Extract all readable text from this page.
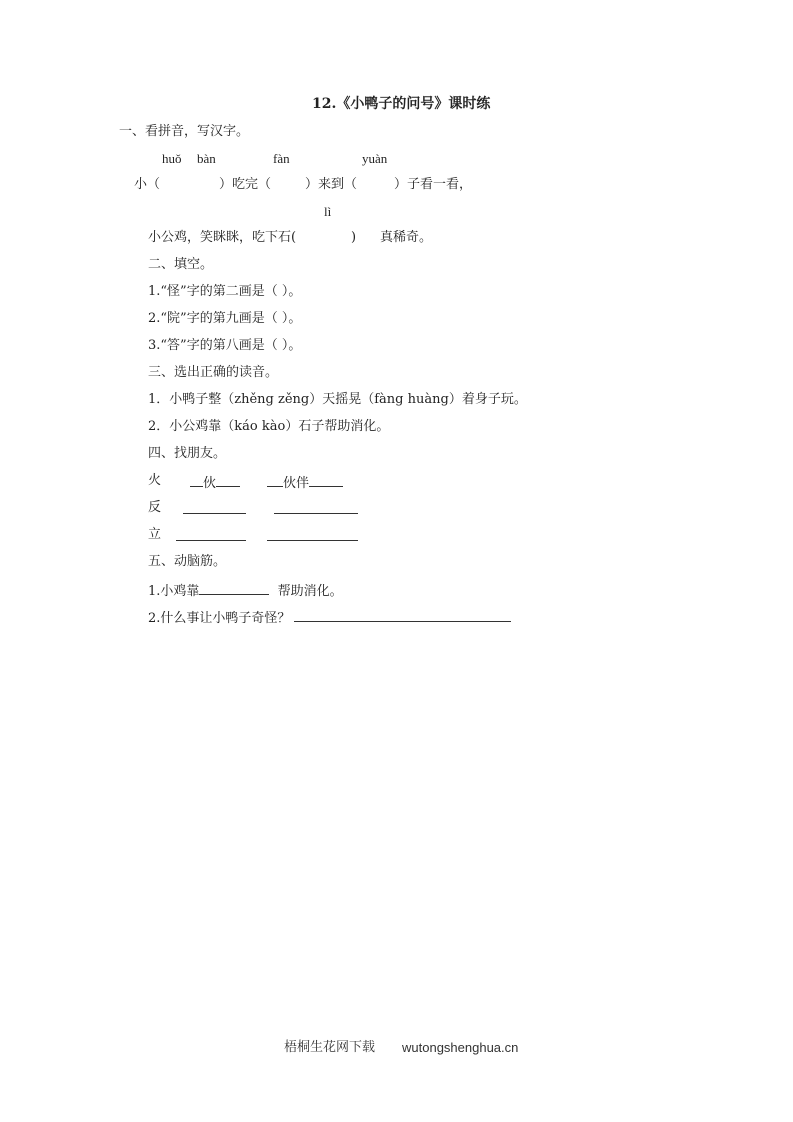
12.《小鸭子的问号》课时练
一、看拼音，写汉字。
huǒ bàn	fàn	yuàn
小（	）吃完（	）来到（	）子看一看，
lì
小公鸡，笑眯眯，吃下石(	) 真稀奇。
二、填空。
1.“怪”字的第二画是（ ）。
2.“院”字的第九画是（ ）。
3.“答”字的第八画是（ ）。
三、选出正确的读音。
1．小鸭子整（zhěng zěng）天摇晃（fàng huàng）着身子玩。
2．小公鸡靠（káo kào）石子帮助消化。
四、找朋友。
火	伙	伙伴
反
立
五、动脑筋。
1.小鸡靠	帮助消化。
2.什么事让小鸭子奇怪？
梧桐生花网下载 wutongshenghua.cn
